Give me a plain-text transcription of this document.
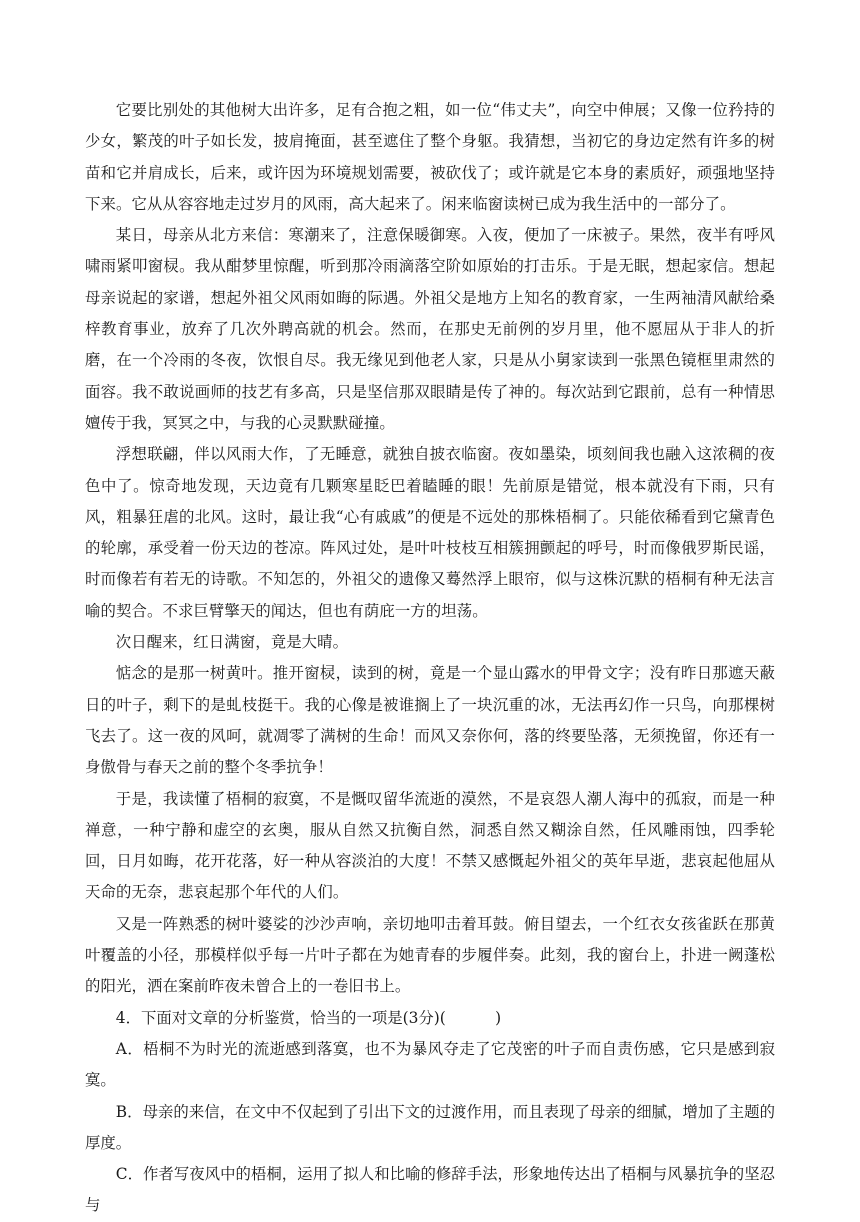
它要比别处的其他树大出许多，足有合抱之粗，如一位“伟丈夫”，向空中伸展；又像一位矜持的少女，繁茂的叶子如长发，披肩掩面，甚至遮住了整个身躯。我猜想，当初它的身边定然有许多的树苗和它并肩成长，后来，或许因为环境规划需要，被砍伐了；或许就是它本身的素质好，顽强地坚持下来。它从从容容地走过岁月的风雨，高大起来了。闲来临窗读树已成为我生活中的一部分了。

某日，母亲从北方来信：寒潮来了，注意保暖御寒。入夜，便加了一床被子。果然，夜半有呼风啸雨紧叩窗棂。我从酣梦里惊醒，听到那冷雨滴落空阶如原始的打击乐。于是无眠，想起家信。想起母亲说起的家谱，想起外祖父风雨如晦的际遇。外祖父是地方上知名的教育家，一生两袖清风献给桑梓教育事业，放弃了几次外聘高就的机会。然而，在那史无前例的岁月里，他不愿屈从于非人的折磨，在一个冷雨的冬夜，饮恨自尽。我无缘见到他老人家，只是从小舅家读到一张黑色镜框里肃然的面容。我不敢说画师的技艺有多高，只是坚信那双眼睛是传了神的。每次站到它跟前，总有一种情思嬗传于我，冥冥之中，与我的心灵默默碰撞。

浮想联翩，伴以风雨大作，了无睡意，就独自披衣临窗。夜如墨染，顷刻间我也融入这浓稠的夜色中了。惊奇地发现，天边竟有几颗寒星眨巴着瞌睡的眼！先前原是错觉，根本就没有下雨，只有风，粗暴狂虐的北风。这时，最让我“心有戚戚”的便是不远处的那株梧桐了。只能依稀看到它黛青色的轮廓，承受着一份天边的苍凉。阵风过处，是叶叶枝枝互相簇拥颤起的呼号，时而像俄罗斯民谣，时而像若有若无的诗歌。不知怎的，外祖父的遗像又蓦然浮上眼帘，似与这株沉默的梧桐有种无法言喻的契合。不求巨臂擎天的闻达，但也有荫庇一方的坦荡。

次日醒来，红日满窗，竟是大晴。

惦念的是那一树黄叶。推开窗棂，读到的树，竟是一个显山露水的甲骨文字；没有昨日那遮天蔽日的叶子，剩下的是虬枝挺干。我的心像是被谁搁上了一块沉重的冰，无法再幻作一只鸟，向那棵树飞去了。这一夜的风呵，就凋零了满树的生命！而风又奈你何，落的终要坠落，无须挽留，你还有一身傲骨与春天之前的整个冬季抗争！

于是，我读懂了梧桐的寂寞，不是慨叹留华流逝的漠然，不是哀怨人潮人海中的孤寂，而是一种禅意，一种宁静和虚空的玄奥，服从自然又抗衡自然，洞悉自然又糊涂自然，任风雕雨蚀，四季轮回，日月如晦，花开花落，好一种从容淡泊的大度！不禁又感慨起外祖父的英年早逝，悲哀起他屈从天命的无奈，悲哀起那个年代的人们。

又是一阵熟悉的树叶婆娑的沙沙声响，亲切地叩击着耳鼓。俯目望去，一个红衣女孩雀跃在那黄叶覆盖的小径，那模样似乎每一片叶子都在为她青春的步履伴奏。此刻，我的窗台上，扑进一阙蓬松的阳光，洒在案前昨夜未曾合上的一卷旧书上。

4．下面对文章的分析鉴赏，恰当的一项是(3分)(	)

A．梧桐不为时光的流逝感到落寞，也不为暴风夺走了它茂密的叶子而自责伤感，它只是感到寂寞。

B．母亲的来信，在文中不仅起到了引出下文的过渡作用，而且表现了母亲的细腻，增加了主题的厚度。

C．作者写夜风中的梧桐，运用了拟人和比喻的修辞手法，形象地传达出了梧桐与风暴抗争的坚忍与
